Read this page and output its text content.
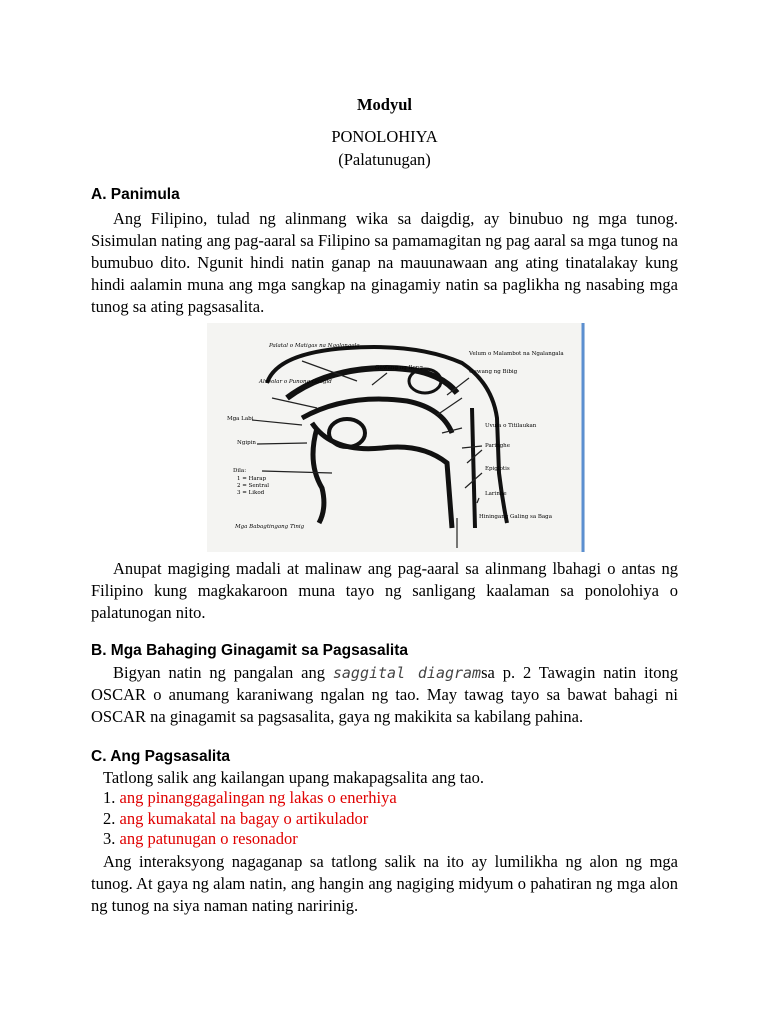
Modyul
PONOLOHIYA
(Palatunugan)
A. Panimula
Ang Filipino, tulad ng alinmang wika sa daigdig, ay binubuo ng mga tunog. Sisimulan nating ang pag-aaral sa Filipino sa pamamagitan ng pag aaral sa mga tunog na bumubuo dito. Ngunit hindi natin ganap na mauunawaan ang ating tinatalakay kung hindi aalamin muna ang mga sangkap na ginagamiy natin sa paglikha ng nasabing mga tunog sa ating pagsasalita.
Anupat magiging madali at malinaw ang pag-aaral sa alinmang lbahagi o antas ng Filipino kung magkakaroon muna tayo ng sanligang kaalaman sa ponolohiya o palatunogan nito.
B. Mga Bahaging Ginagamit sa Pagsasalita
Bigyan natin ng pangalan ang saggital diagramsa p. 2 Tawagin natin itong OSCAR o anumang karaniwang ngalan ng tao. May tawag tayo sa bawat bahagi ni OSCAR na ginagamit sa pagsasalita, gaya ng makikita sa kabilang pahina.
C. Ang Pagsasalita
Tatlong salik ang kailangan upang makapagsalita ang tao.
1. ang pinanggagalingan ng lakas o enerhiya
2. ang kumakatal na bagay o artikulador
3. ang patunugan o resonador
Ang interaksyong nagaganap sa tatlong salik na ito ay lumilikha ng alon ng mga tunog. At gaya ng alam natin, ang hangin ang nagiging midyum o pahatiran ng mga alon ng tunog na siya naman nating naririnig.
Palatal o Matigas na Ngalangala
Guwang ng Ilong
Velum o Malambot na Ngalangala
Guwang ng Bibig
Alveolar o Punong Gilagid
Uvula o Titilaukan
Mga Labi
Paringhe
Ngipin
Epiglotis
Larinhe
Dila:
1 = Harap
2 = Sentral
3 = Likod
Hiningang Galing sa Baga
Mga Babagtingang Tinig
